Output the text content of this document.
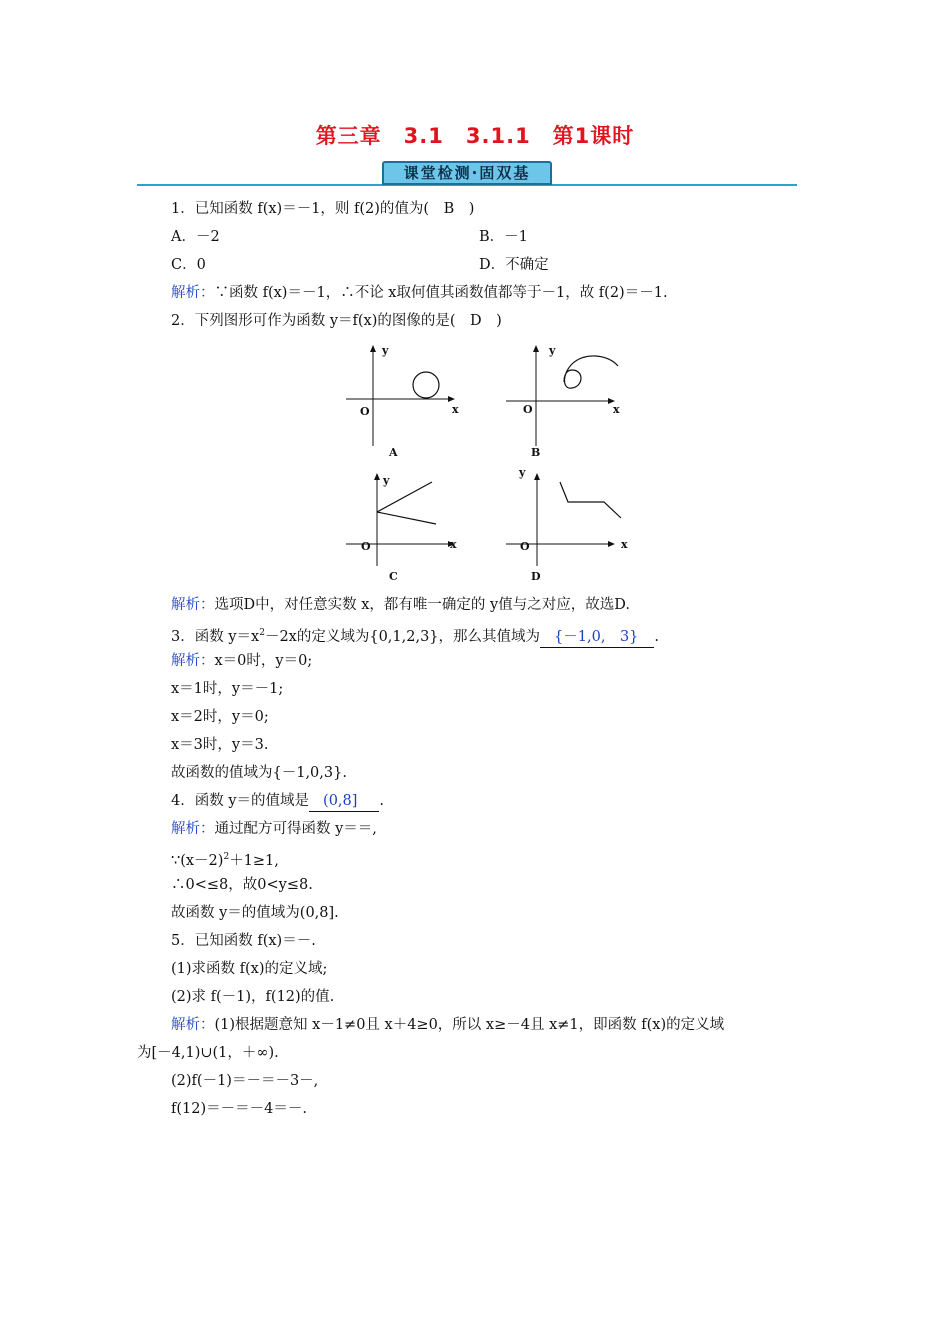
第三章　3.1　3.1.1　第1课时
课堂检测·固双基
1．已知函数 f(x)＝－1，则 f(2)的值为(　B　)
A．－2	B．－1
C．0	D．不确定
解析：∵函数 f(x)＝－1，∴不论 x取何值其函数值都等于－1，故 f(2)＝－1.
2．下列图形可作为函数 y＝f(x)的图像的是(　D　)
y
x
O
A
y
x
O
B
y
x
O
C
y
x
O
D
解析：选项D中，对任意实数 x，都有唯一确定的 y值与之对应，故选D.
3．函数 $y=x^2-2x$的定义域为{0,1,2,3}，那么其值域为 {－1,0,　3} .
解析：x＝0时，y＝0;
x＝1时，y＝－1;
x＝2时，y＝0;
x＝3时，y＝3.
故函数的值域为{－1,0,3}.
4．函数 y＝的值域是 (0,8] .
解析：通过配方可得函数 y＝＝,
$\because(x-2)^2+1\ge 1$,
∴0<≤8，故0<y≤8.
故函数 y＝的值域为(0,8].
5．已知函数 f(x)＝－.
(1)求函数 f(x)的定义域;
(2)求 f(－1)，f(12)的值.
解析：(1)根据题意知 x－1≠0且 x＋4≥0，所以 x≥－4且 x≠1，即函数 f(x)的定义域
为[－4,1)∪(1，＋∞).
(2)f(－1)＝－＝－3－,
f(12)＝－＝－4＝－.
